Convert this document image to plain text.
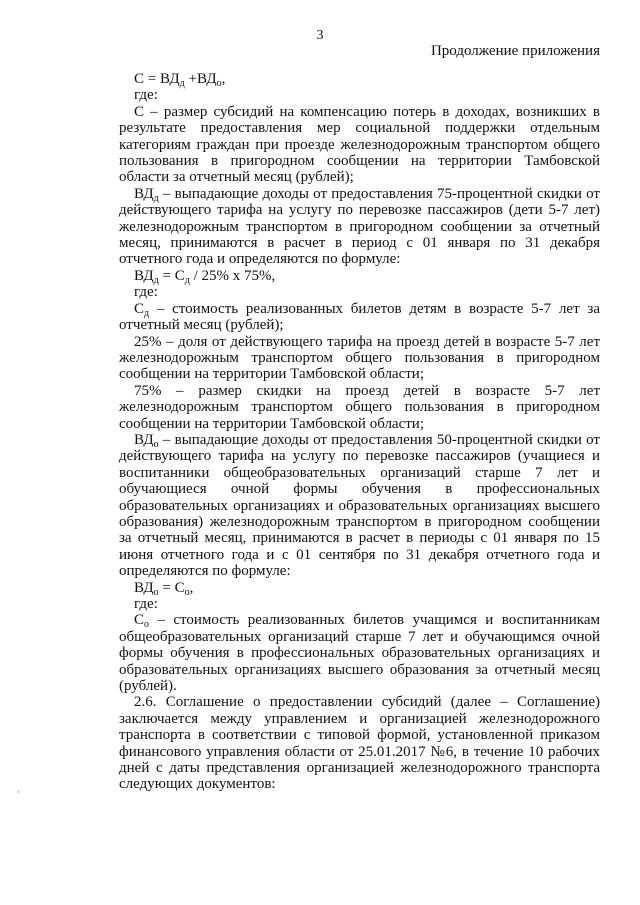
3
Продолжение приложения

$С = ВД_д +ВД_о$,

где:

С – размер субсидий на компенсацию потерь в доходах, возникших в результате предоставления мер социальной поддержки отдельным категориям граждан при проезде железнодорожным транспортом общего пользования в пригородном сообщении на территории Тамбовской области за отчетный месяц (рублей);

$ВД_д$ – выпадающие доходы от предоставления 75-процентной скидки от действующего тарифа на услугу по перевозке пассажиров (дети 5-7 лет) железнодорожным транспортом в пригородном сообщении за отчетный месяц, принимаются в расчет в период с 01 января по 31 декабря отчетного года и определяются по формуле:

$ВД_д = С_д / 25\%$ х 75%,

где:

$С_д$ – стоимость реализованных билетов детям в возрасте 5-7 лет за отчетный месяц (рублей);

25% – доля от действующего тарифа на проезд детей в возрасте 5-7 лет железнодорожным транспортом общего пользования в пригородном сообщении на территории Тамбовской области;

75% – размер скидки на проезд детей в возрасте 5-7 лет железнодорожным транспортом общего пользования в пригородном сообщении на территории Тамбовской области;

$ВД_о$ – выпадающие доходы от предоставления 50-процентной скидки от действующего тарифа на услугу по перевозке пассажиров (учащиеся и воспитанники общеобразовательных организаций старше 7 лет и обучающиеся очной формы обучения в профессиональных образовательных организациях и образовательных организациях высшего образования) железнодорожным транспортом в пригородном сообщении за отчетный месяц, принимаются в расчет в периоды с 01 января по 15 июня отчетного года и с 01 сентября по 31 декабря отчетного года и определяются по формуле:

$ВД_о = С_о$,

где:

$С_о$ – стоимость реализованных билетов учащимся и воспитанникам общеобразовательных организаций старше 7 лет и обучающимся очной формы обучения в профессиональных образовательных организациях и образовательных организациях высшего образования за отчетный месяц (рублей).

2.6. Соглашение о предоставлении субсидий (далее – Соглашение) заключается между управлением и организацией железнодорожного транспорта в соответствии с типовой формой, установленной приказом финансового управления области от 25.01.2017 №6, в течение 10 рабочих дней с даты представления организацией железнодорожного транспорта следующих документов:

·
